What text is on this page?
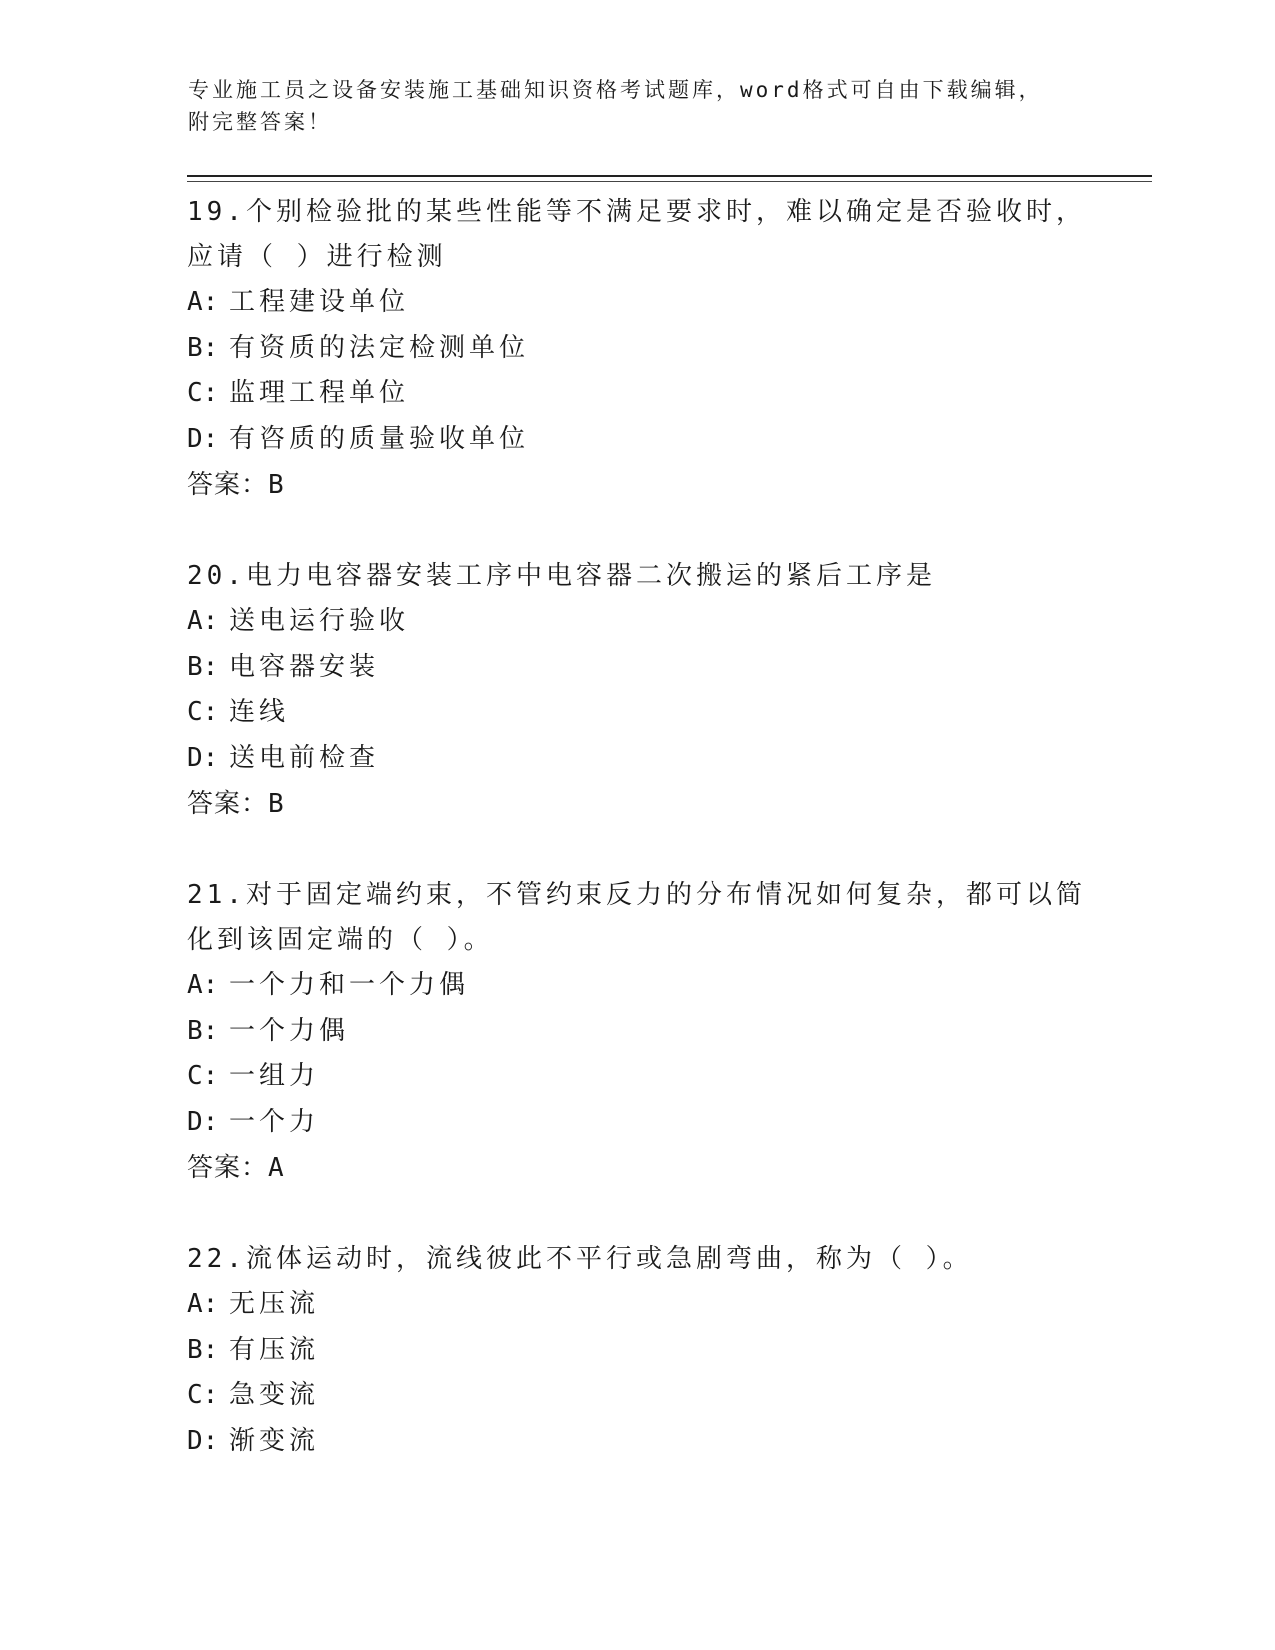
专业施工员之设备安装施工基础知识资格考试题库，word格式可自由下载编辑，
附完整答案！

19.个别检验批的某些性能等不满足要求时，难以确定是否验收时，应请（ ）进行检测

A: 工程建设单位

B: 有资质的法定检测单位

C: 监理工程单位

D: 有咨质的质量验收单位

答案：B

20.电力电容器安装工序中电容器二次搬运的紧后工序是

A: 送电运行验收

B: 电容器安装

C: 连线

D: 送电前检查

答案：B

21.对于固定端约束，不管约束反力的分布情况如何复杂，都可以简化到该固定端的（ ）。

A: 一个力和一个力偶

B: 一个力偶

C: 一组力

D: 一个力

答案：A

22.流体运动时，流线彼此不平行或急剧弯曲，称为（ ）。

A: 无压流

B: 有压流

C: 急变流

D: 渐变流
